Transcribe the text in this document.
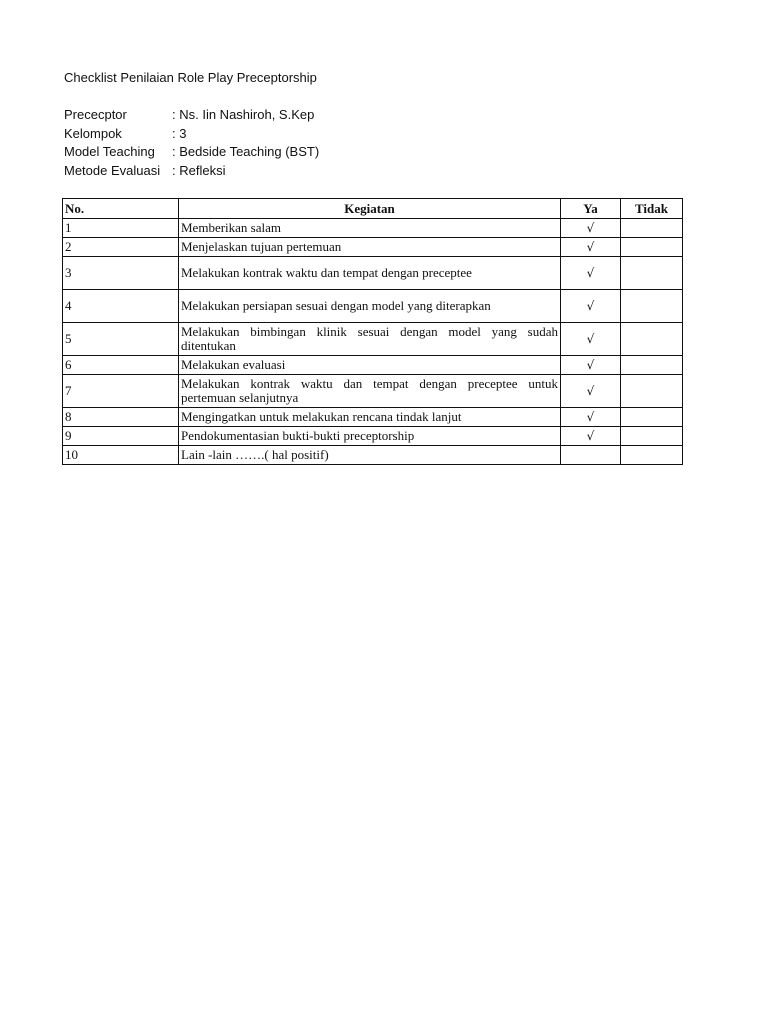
Checklist Penilaian Role Play Preceptorship
Prececptor	: Ns. Iin Nashiroh, S.Kep
Kelompok	: 3
Model Teaching : Bedside Teaching (BST)
Metode Evaluasi : Refleksi
No.	Kegiatan	Ya	Tidak
1	Memberikan salam	√	
2	Menjelaskan tujuan pertemuan	√	
3	Melakukan kontrak waktu dan tempat dengan preceptee	√	
4	Melakukan persiapan sesuai dengan model yang diterapkan	√	
5	Melakukan bimbingan klinik sesuai dengan model yang sudah ditentukan	√	
6	Melakukan evaluasi	√	
7	Melakukan kontrak waktu dan tempat dengan preceptee untuk pertemuan selanjutnya	√	
8	Mengingatkan untuk melakukan rencana tindak lanjut	√	
9	Pendokumentasian bukti-bukti preceptorship	√	
10	Lain -lain …….( hal positif)		
